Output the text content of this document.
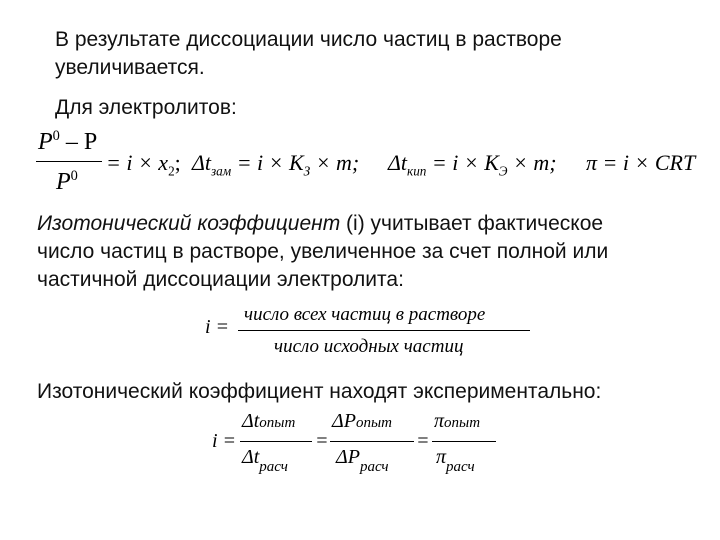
В результате диссоциации число частиц в растворе
увеличивается.
Для электролитов:
$P^0$ – P
$P^0$
= $i \times x_2$; $\Delta t_{зам} = i \times K_З \times m$; $\Delta t_{кип} = i \times K_Э \times m$; π = i × CRT
Изотонический коэффициент (i) учитывает фактическое
число частиц в растворе, увеличенное за счет полной или
частичной диссоциации электролита:
i =
число всех частиц в растворе
число исходных частиц
Изотонический коэффициент находят экспериментально:
i =
Δtопыт
$\Delta t_{расч}$
=
ΔPопыт
$\Delta P_{расч}$
=
πопыт
$\pi_{расч}$
